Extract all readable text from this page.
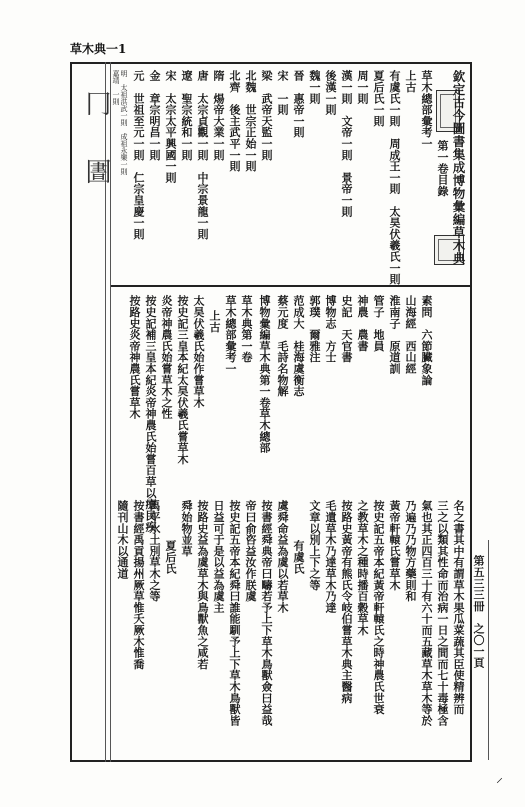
草木典一1
冂　圕	欽定古今圖書集成博物彙編草木典
第一卷目錄
草木總部彙考一
上古
有虞氏一則　周成王一則　太昊伏羲氏一則
夏后氏一則
周一則
漢一則　文帝一則　景帝一則
後漢一則
魏一則
晉　惠帝一則
宋　一則
梁　武帝天監一則
北魏　世宗正始一則
北齊　後主武平一則
隋　煬帝大業一則
唐　太宗貞觀一則　中宗景龍一則
遼　聖宗統和一則
宋　太宗太平興國一則
金　章宗明昌一則
元　世祖至元一則　仁宗皇慶一則
明　太祖洪武一則　成祖永樂一則
嘉靖　一則
素問　六節臟象論
山海經　西山經
淮南子　原道訓
管子　地員
神農　農書
史記　天官書
博物志　方士
郭璞　爾雅注
范成大　桂海虞衡志
蔡元度　毛詩名物解
博物彙編草木典第一卷草木總部
草木典第一卷
草木總部彙考一
上古
太昊伏羲氏始作嘗草木
按史記三皇本紀太昊伏羲氏嘗草木
炎帝神農氏始嘗草木之性
按史記補三皇本紀炎帝神農氏始嘗百草以療民疾
按路史炎帝神農氏嘗草木
名之書其中有謂草木果瓜菜蔬其臣使精辨而
三之以類其性命而治病一日之間而七十毒極含
氣也其正四百三十有六十而五藏草木草木等於
乃遍乃乃物方藥則和
黃帝軒轅氏嘗草木
按史記五帝本紀黃帝軒轅氏之時神農氏世衰
之教草木之種時播百穀草木
按路史黃帝有熊氏令岐伯嘗草木典主醫病
毛遺草木乃達草木乃達
文章以別上下之等
有虞氏
虞舜命益為虞以若草木
按書經舜典帝曰疇若予上下草木鳥獸僉曰益哉
帝曰俞咨益汝作朕虞
按史記五帝本紀舜曰誰能馴予上下草木鳥獸皆
日益可于是以益為虞主
按路史益為虞草木與鳥獸魚之咸若
舜始物並草
夏后氏
禹平水土別草木之等
按書經禹貢揚州厥草惟夭厥木惟喬
隨刊山木以通道
第五三三冊　之〇一頁
⸝
